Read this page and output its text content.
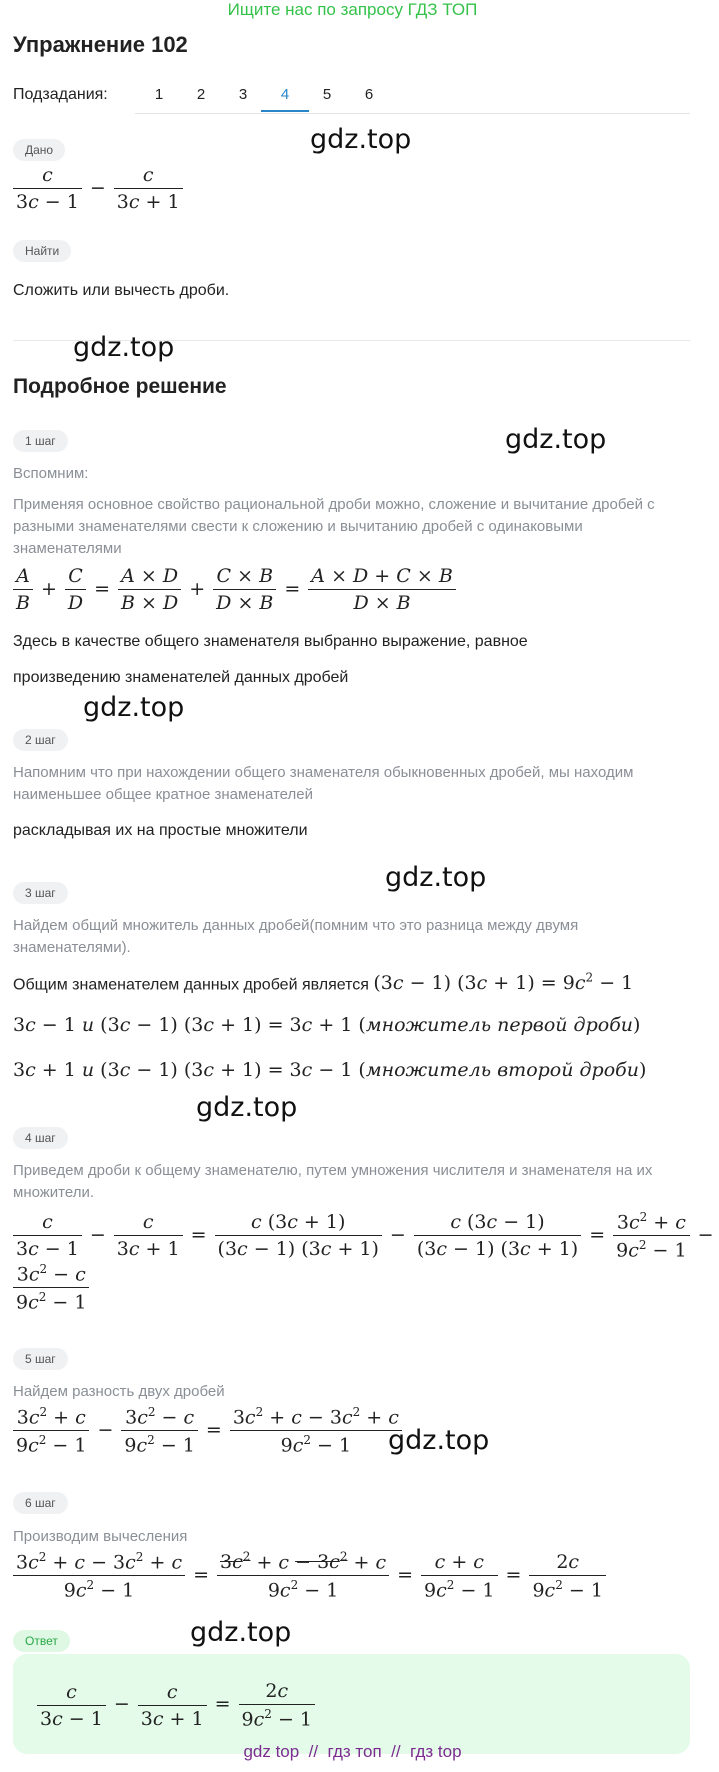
Ищите нас по запросу ГДЗ ТОП
Упражнение 102
Подзадания:	1	2	3	4	5	6
Дано	gdz.top
$\frac{c}{3c - 1} - \frac{c}{3c + 1}$
Найти
Сложить или вычесть дроби.
gdz.top
Подробное решение
1 шаг	gdz.top
Вспомним:
Применяя основное свойство рациональной дроби можно, сложение и вычитание дробей с разными знаменателями свести к сложению и вычитанию дробей с одинаковыми знаменателями
$\frac{A}{B} + \frac{C}{D} = \frac{A \times D}{B \times D} + \frac{C \times B}{D \times B} = \frac{A \times D + C \times B}{D \times B}$
Здесь в качестве общего знаменателя выбранно выражение, равное
произведению знаменателей данных дробей
gdz.top
2 шаг
Напомним что при нахождении общего знаменателя обыкновенных дробей, мы находим наименьшее общее кратное знаменателей
раскладывая их на простые множители
gdz.top
3 шаг
Найдем общий множитель данных дробей(помним что это разница между двумя знаменателями).
Общим знаменателем данных дробей является (3c − 1) $(3c + 1) = 9c^2 - 1$
3c − 1 и (3c − 1) (3c + 1) = 3c + 1 (множитель первой дроби)
3c + 1 и (3c − 1) (3c + 1) = 3c − 1 (множитель второй дроби)
gdz.top
4 шаг
Приведем дроби к общему знаменателю, путем умножения числителя и знаменателя на их множители.
$\frac{c}{3c - 1} - \frac{c}{3c + 1} = \frac{c (3c + 1)}{(3c - 1) (3c + 1)} - \frac{c (3c - 1)}{(3c - 1) (3c + 1)} = \frac{3c^2 + c}{9c^2 - 1}$ −
$\frac{3c^2 - c}{9c^2 - 1}$
5 шаг
Найдем разность двух дробей
$\frac{3c^2 + c}{9c^2 - 1} - \frac{3c^2 - c}{9c^2 - 1} = \frac{3c^2 + c - 3c^2 + c}{9c^2 - 1}$
gdz.top
6 шаг
Производим вычесления
$\frac{3c^2 + c - 3c^2 + c}{9c^2 - 1} = \frac{3c^2 + c - 3c^2 + c}{9c^2 - 1} = \frac{c + c}{9c^2 - 1} = \frac{2c}{9c^2 - 1}$
Ответ	gdz.top
$\frac{c}{3c - 1} - \frac{c}{3c + 1} = \frac{2c}{9c^2 - 1}$
gdz top  //  гдз топ  //  гдз top
